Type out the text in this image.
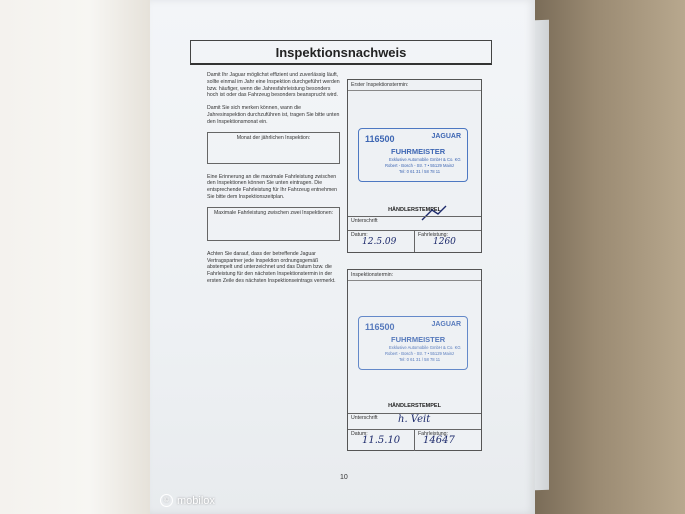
Inspektionsnachweis

Damit Ihr Jaguar möglichst effizient und zuverlässig läuft, sollte einmal im Jahr eine Inspektion durchgeführt werden bzw. häufiger, wenn die Jahresfahrleistung besonders hoch ist oder das Fahrzeug besonders beansprucht wird.

Damit Sie sich merken können, wann die Jahresinspektion durchzuführen ist, tragen Sie bitte unten den Inspektionsmonat ein.

Monat der jährlichen Inspektion:

Eine Erinnerung an die maximale Fahrleistung zwischen den Inspektionen können Sie unten eintragen. Die entsprechende Fahrleistung für Ihr Fahrzeug entnehmen Sie bitte dem Inspektionszeitplan.

Maximale Fahrleistung zwischen zwei Inspektionen:

Achten Sie darauf, dass der betreffende Jaguar Vertragspartner jede Inspektion ordnungsgemäß abstempelt und unterzeichnet und das Datum bzw. die Fahrleistung für den nächsten Inspektionstermin in der ersten Zeile des nächsten Inspektionseintrags vermerkt.

Erster Inspektionstermin:
116500	JAGUAR
FUHRMEISTER
Exklusive Automobile GmbH & Co. KG
Robert - Bosch - Str. 7 • 55129 Mainz
Tel: 0 61 31 / 58 78 11
HÄNDLERSTEMPEL
Unterschrift
Datum:
12.5.09
Fahrleistung:
1260
Inspektionstermin:
116500	JAGUAR
FUHRMEISTER
Exklusive Automobile GmbH & Co. KG
Robert - Bosch - Str. 7 • 55129 Mainz
Tel: 0 61 31 / 58 78 11
HÄNDLERSTEMPEL
Unterschrift h. Veit
Datum:
11.5.10
Fahrleistung:
14647
10
© mobilox
